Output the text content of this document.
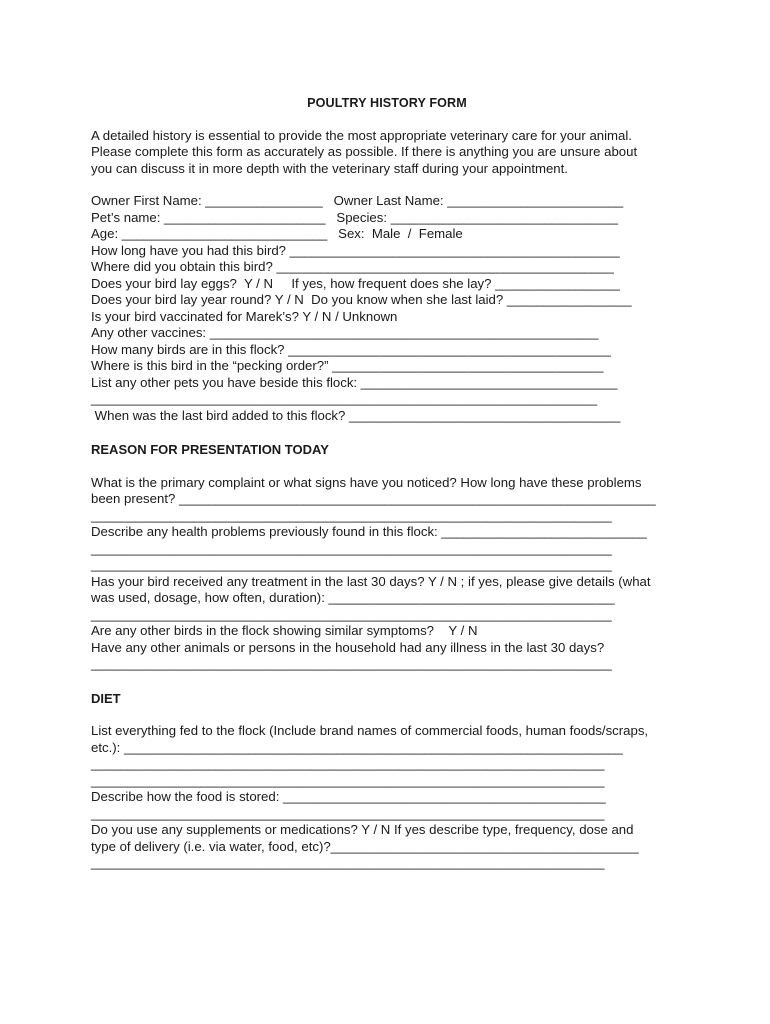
POULTRY HISTORY FORM
A detailed history is essential to provide the most appropriate veterinary care for your animal.
Please complete this form as accurately as possible. If there is anything you are unsure about
you can discuss it in more depth with the veterinary staff during your appointment.
Owner First Name: ________________   Owner Last Name: ________________________
Pet’s name: ______________________   Species: _______________________________
Age: ____________________________   Sex:  Male  /  Female
How long have you had this bird? _____________________________________________
Where did you obtain this bird? ______________________________________________
Does your bird lay eggs?  Y / N     If yes, how frequent does she lay? _________________
Does your bird lay year round? Y / N  Do you know when she last laid? _________________
Is your bird vaccinated for Marek’s? Y / N / Unknown
Any other vaccines: _____________________________________________________
How many birds are in this flock? ____________________________________________
Where is this bird in the “pecking order?” _____________________________________
List any other pets you have beside this flock: ___________________________________
_____________________________________________________________________
When was the last bird added to this flock? _____________________________________
REASON FOR PRESENTATION TODAY
What is the primary complaint or what signs have you noticed? How long have these problems
been present? _________________________________________________________________
_______________________________________________________________________
Describe any health problems previously found in this flock: ____________________________
_______________________________________________________________________
_______________________________________________________________________
Has your bird received any treatment in the last 30 days? Y / N ; if yes, please give details (what
was used, dosage, how often, duration): _______________________________________
_______________________________________________________________________
Are any other birds in the flock showing similar symptoms?    Y / N
Have any other animals or persons in the household had any illness in the last 30 days?
_______________________________________________________________________
DIET
List everything fed to the flock (Include brand names of commercial foods, human foods/scraps,
etc.): ____________________________________________________________________
______________________________________________________________________
______________________________________________________________________
Describe how the food is stored: ____________________________________________
______________________________________________________________________
Do you use any supplements or medications? Y / N If yes describe type, frequency, dose and
type of delivery (i.e. via water, food, etc)?__________________________________________
______________________________________________________________________
